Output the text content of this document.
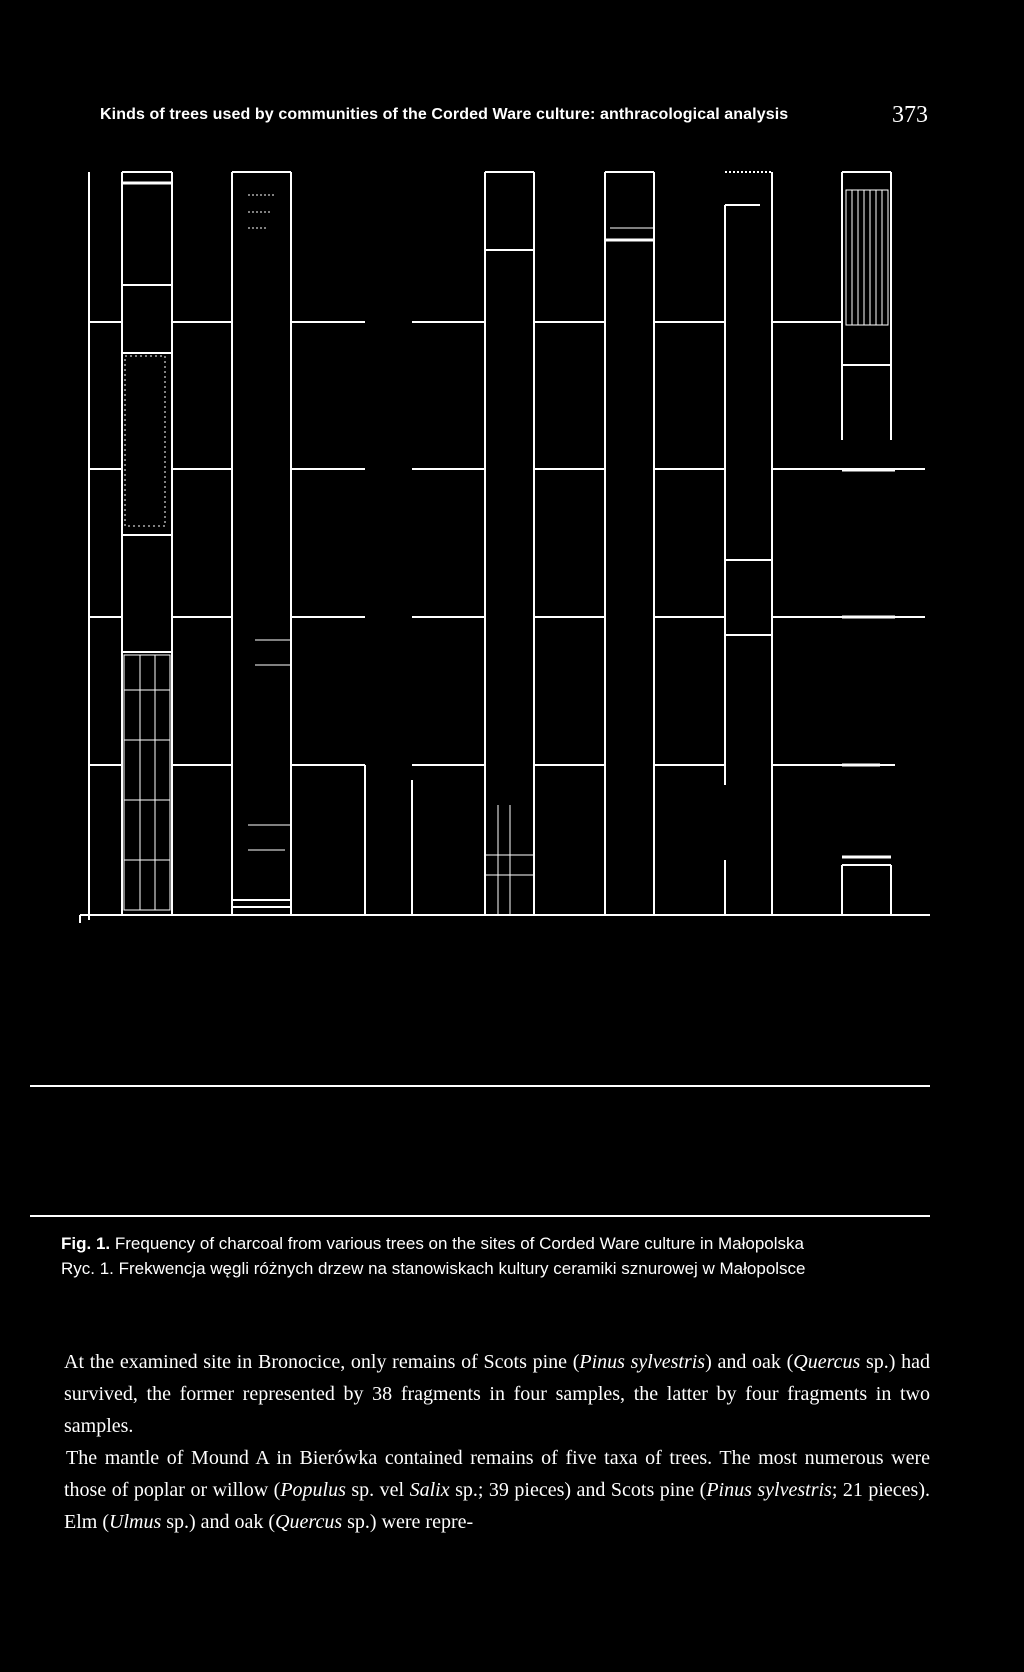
Kinds of trees used by communities of the Corded Ware culture: anthracological analysis	373
Fig. 1. Frequency of charcoal from various trees on the sites of Corded Ware culture in Małopolska
Ryc. 1. Frekwencja węgli różnych drzew na stanowiskach kultury ceramiki sznurowej w Małopolsce

At the examined site in Bronocice, only remains of Scots pine (Pinus sylvestris) and oak (Quercus sp.) had survived, the former represented by 38 fragments in four samples, the latter by four fragments in two samples.

The mantle of Mound A in Bierówka contained remains of five taxa of trees. The most numerous were those of poplar or willow (Populus sp. vel Salix sp.; 39 pieces) and Scots pine (Pinus sylvestris; 21 pieces). Elm (Ulmus sp.) and oak (Quercus sp.) were repre-
